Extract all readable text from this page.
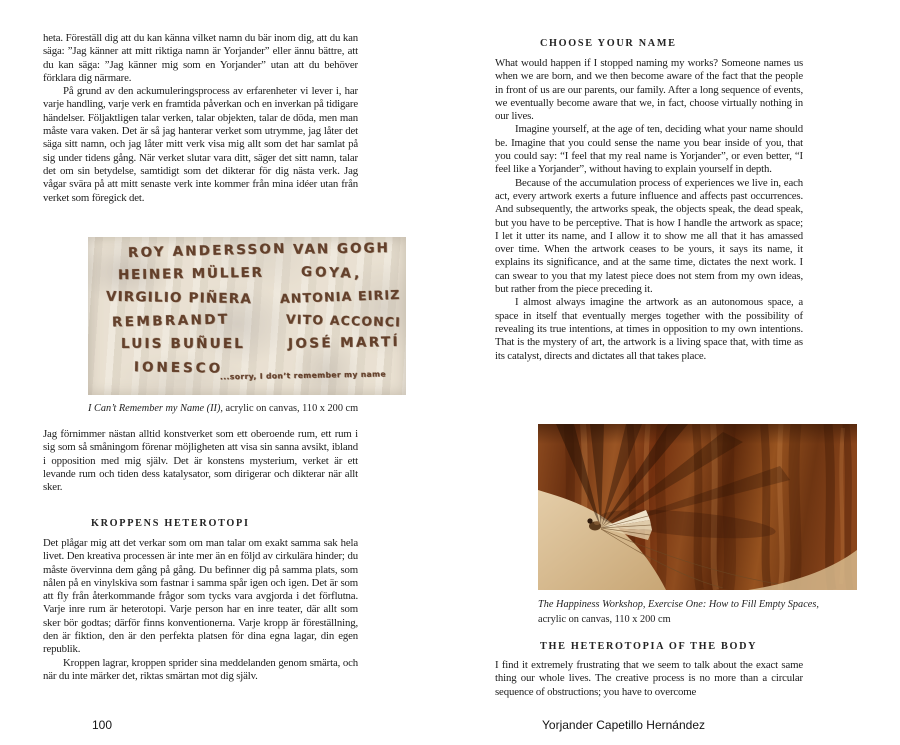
heta. Föreställ dig att du kan känna vilket namn du bär inom dig, att du kan säga: ”Jag känner att mitt riktiga namn är Yorjander” eller ännu bättre, att du kan säga: ”Jag känner mig som en Yorjander” utan att du behöver förklara dig närmare.

På grund av den ackumuleringsprocess av erfarenheter vi lever i, har varje handling, varje verk en framtida påverkan och en inverkan på tidigare händelser. Följaktligen talar verken, talar objekten, talar de döda, men man måste vara vaken. Det är så jag hanterar verket som utrymme, jag låter det säga sitt namn, och jag låter mitt verk visa mig allt som det har samlat på sig under tidens gång. När verket slutar vara ditt, säger det sitt namn, talar det om sin betydelse, samtidigt som det dikterar för dig nästa verk. Jag vågar svära på att mitt senaste verk inte kommer från mina idéer utan från verket som föregick det.

ROY ANDERSSON VAN GOGH
HEINER MÜLLER	GOYA,
VIRGILIO PIÑERA ANTONIA EIRIZ
REMBRANDT	VITO ACCONCI
LUIS BUÑUEL	JOSÉ MARTÍ
IONESCO
...sorry, I don’t remember my name
I Can’t Remember my Name (II), acrylic on canvas, 110 x 200 cm

Jag förnimmer nästan alltid konstverket som ett oberoende rum, ett rum i sig som så småningom förenar möjligheten att visa sin sanna avsikt, ibland i opposition med mig själv. Det är konstens mysterium, verket är ett levande rum och tiden dess katalysator, som dirigerar och dikterar när allt sker.

KROPPENS HETEROTOPI

Det plågar mig att det verkar som om man talar om exakt samma sak hela livet. Den kreativa processen är inte mer än en följd av cirkulära hinder; du måste övervinna dem gång på gång. Du befinner dig på samma plats, som nålen på en vinylskiva som fastnar i samma spår igen och igen. Det är som att fly från återkommande frågor som tycks vara avgjorda i det förflutna. Varje inre rum är heterotopi. Varje person har en inre teater, där allt som sker bör godtas; därför finns konventionerna. Varje kropp är föreställning, den är fiktion, den är den perfekta platsen för dina egna lagar, din egen republik.

Kroppen lagrar, kroppen sprider sina meddelanden genom smärta, och när du inte märker det, riktas smärtan mot dig själv.

100
CHOOSE YOUR NAME

What would happen if I stopped naming my works? Someone names us when we are born, and we then become aware of the fact that the people in front of us are our parents, our family. After a long sequence of events, we eventually become aware that we, in fact, choose virtually nothing in our lives.

Imagine yourself, at the age of ten, deciding what your name should be. Imagine that you could sense the name you bear inside of you, that you could say: “I feel that my real name is Yorjander”, or even better, “I feel like a Yorjander”, without having to explain yourself in depth.

Because of the accumulation process of experiences we live in, each act, every artwork exerts a future influence and affects past occurrences. And subsequently, the artworks speak, the objects speak, the dead speak, but you have to be perceptive. That is how I handle the artwork as space; I let it utter its name, and I allow it to show me all that it has amassed over time. When the artwork ceases to be yours, it says its name, it explains its significance, and at the same time, dictates the next work. I can swear to you that my latest piece does not stem from my own ideas, but rather from the piece preceding it.

I almost always imagine the artwork as an autonomous space, a space in itself that eventually merges together with the possibility of revealing its true intentions, at times in opposition to my own intentions. That is the mystery of art, the artwork is a living space that, with time as its catalyst, directs and dictates all that takes place.

The Happiness Workshop, Exercise One: How to Fill Empty Spaces,
acrylic on canvas, 110 x 200 cm
THE HETEROTOPIA OF THE BODY

I find it extremely frustrating that we seem to talk about the exact same thing our whole lives. The creative process is no more than a circular sequence of obstructions; you have to overcome

Yorjander Capetillo Hernández
